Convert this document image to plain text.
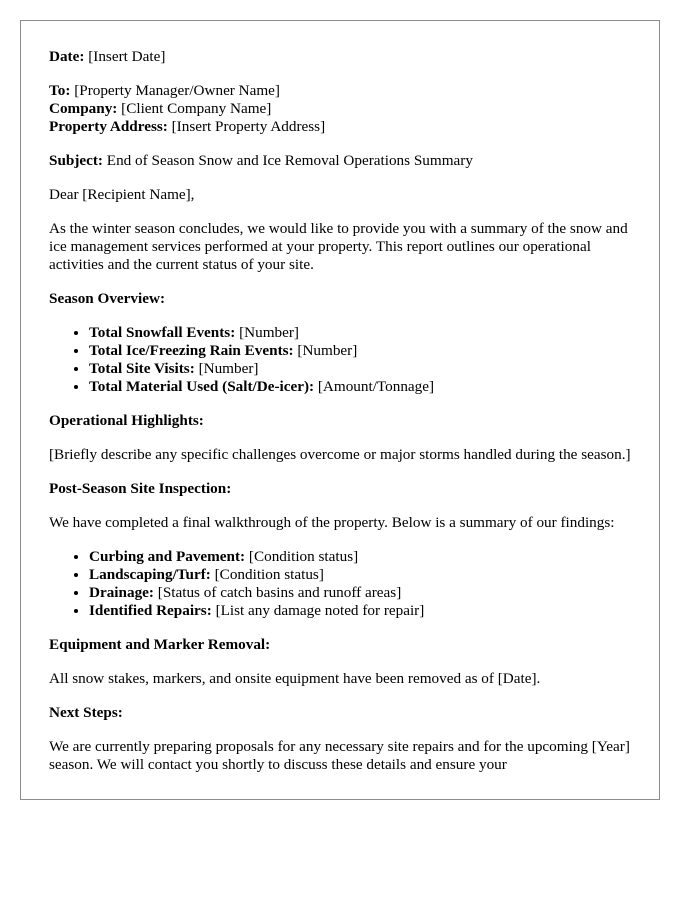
Date: [Insert Date]

To: [Property Manager/Owner Name]
Company: [Client Company Name]
Property Address: [Insert Property Address]

Subject: End of Season Snow and Ice Removal Operations Summary

Dear [Recipient Name],

As the winter season concludes, we would like to provide you with a summary of the snow and ice management services performed at your property. This report outlines our operational activities and the current status of your site.

Season Overview:

• Total Snowfall Events: [Number]
• Total Ice/Freezing Rain Events: [Number]
• Total Site Visits: [Number]
• Total Material Used (Salt/De-icer): [Amount/Tonnage]

Operational Highlights:

[Briefly describe any specific challenges overcome or major storms handled during the season.]

Post-Season Site Inspection:

We have completed a final walkthrough of the property. Below is a summary of our findings:

• Curbing and Pavement: [Condition status]
• Landscaping/Turf: [Condition status]
• Drainage: [Status of catch basins and runoff areas]
• Identified Repairs: [List any damage noted for repair]

Equipment and Marker Removal:

All snow stakes, markers, and onsite equipment have been removed as of [Date].

Next Steps:

We are currently preparing proposals for any necessary site repairs and for the upcoming [Year] season. We will contact you shortly to discuss these details and ensure your
